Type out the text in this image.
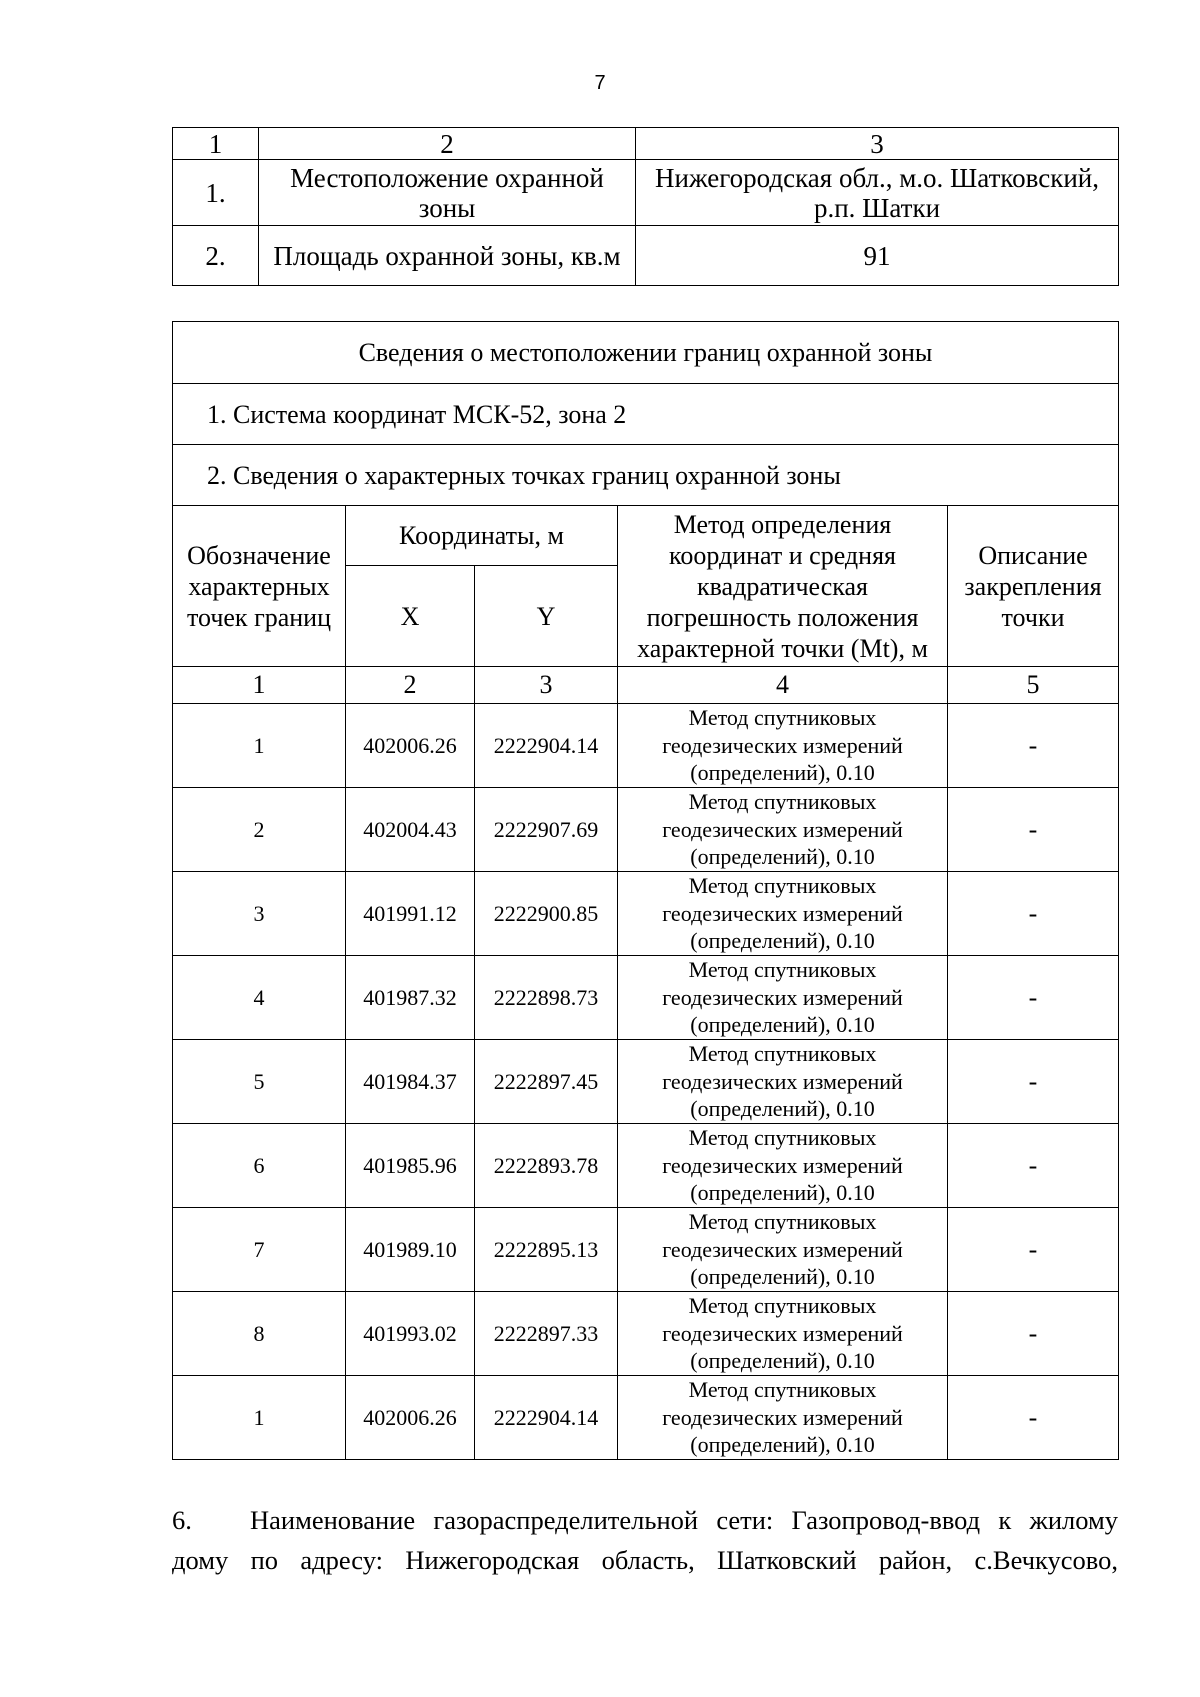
7
1	2	3
1.	Местоположение охранной зоны	Нижегородская обл., м.о. Шатковский, р.п. Шатки
2.	Площадь охранной зоны, кв.м	91
Сведения о местоположении границ охранной зоны				
1. Система координат МСК-52, зона 2				
2. Сведения о характерных точках границ охранной зоны				
Обозначение характерных точек границ	Координаты, м		Метод определения координат и средняя квадратическая погрешность положения характерной точки (Mt), м	Описание закрепления точки
	X	Y		
1	2	3	4	5
1	402006.26	2222904.14	Метод спутниковых геодезических измерений (определений), 0.10	-
2	402004.43	2222907.69	Метод спутниковых геодезических измерений (определений), 0.10	-
3	401991.12	2222900.85	Метод спутниковых геодезических измерений (определений), 0.10	-
4	401987.32	2222898.73	Метод спутниковых геодезических измерений (определений), 0.10	-
5	401984.37	2222897.45	Метод спутниковых геодезических измерений (определений), 0.10	-
6	401985.96	2222893.78	Метод спутниковых геодезических измерений (определений), 0.10	-
7	401989.10	2222895.13	Метод спутниковых геодезических измерений (определений), 0.10	-
8	401993.02	2222897.33	Метод спутниковых геодезических измерений (определений), 0.10	-
1	402006.26	2222904.14	Метод спутниковых геодезических измерений (определений), 0.10	-
6. Наименование газораспределительной сети: Газопровод-ввод к жилому
дому по адресу: Нижегородская область, Шатковский район, с.Вечкусово,
